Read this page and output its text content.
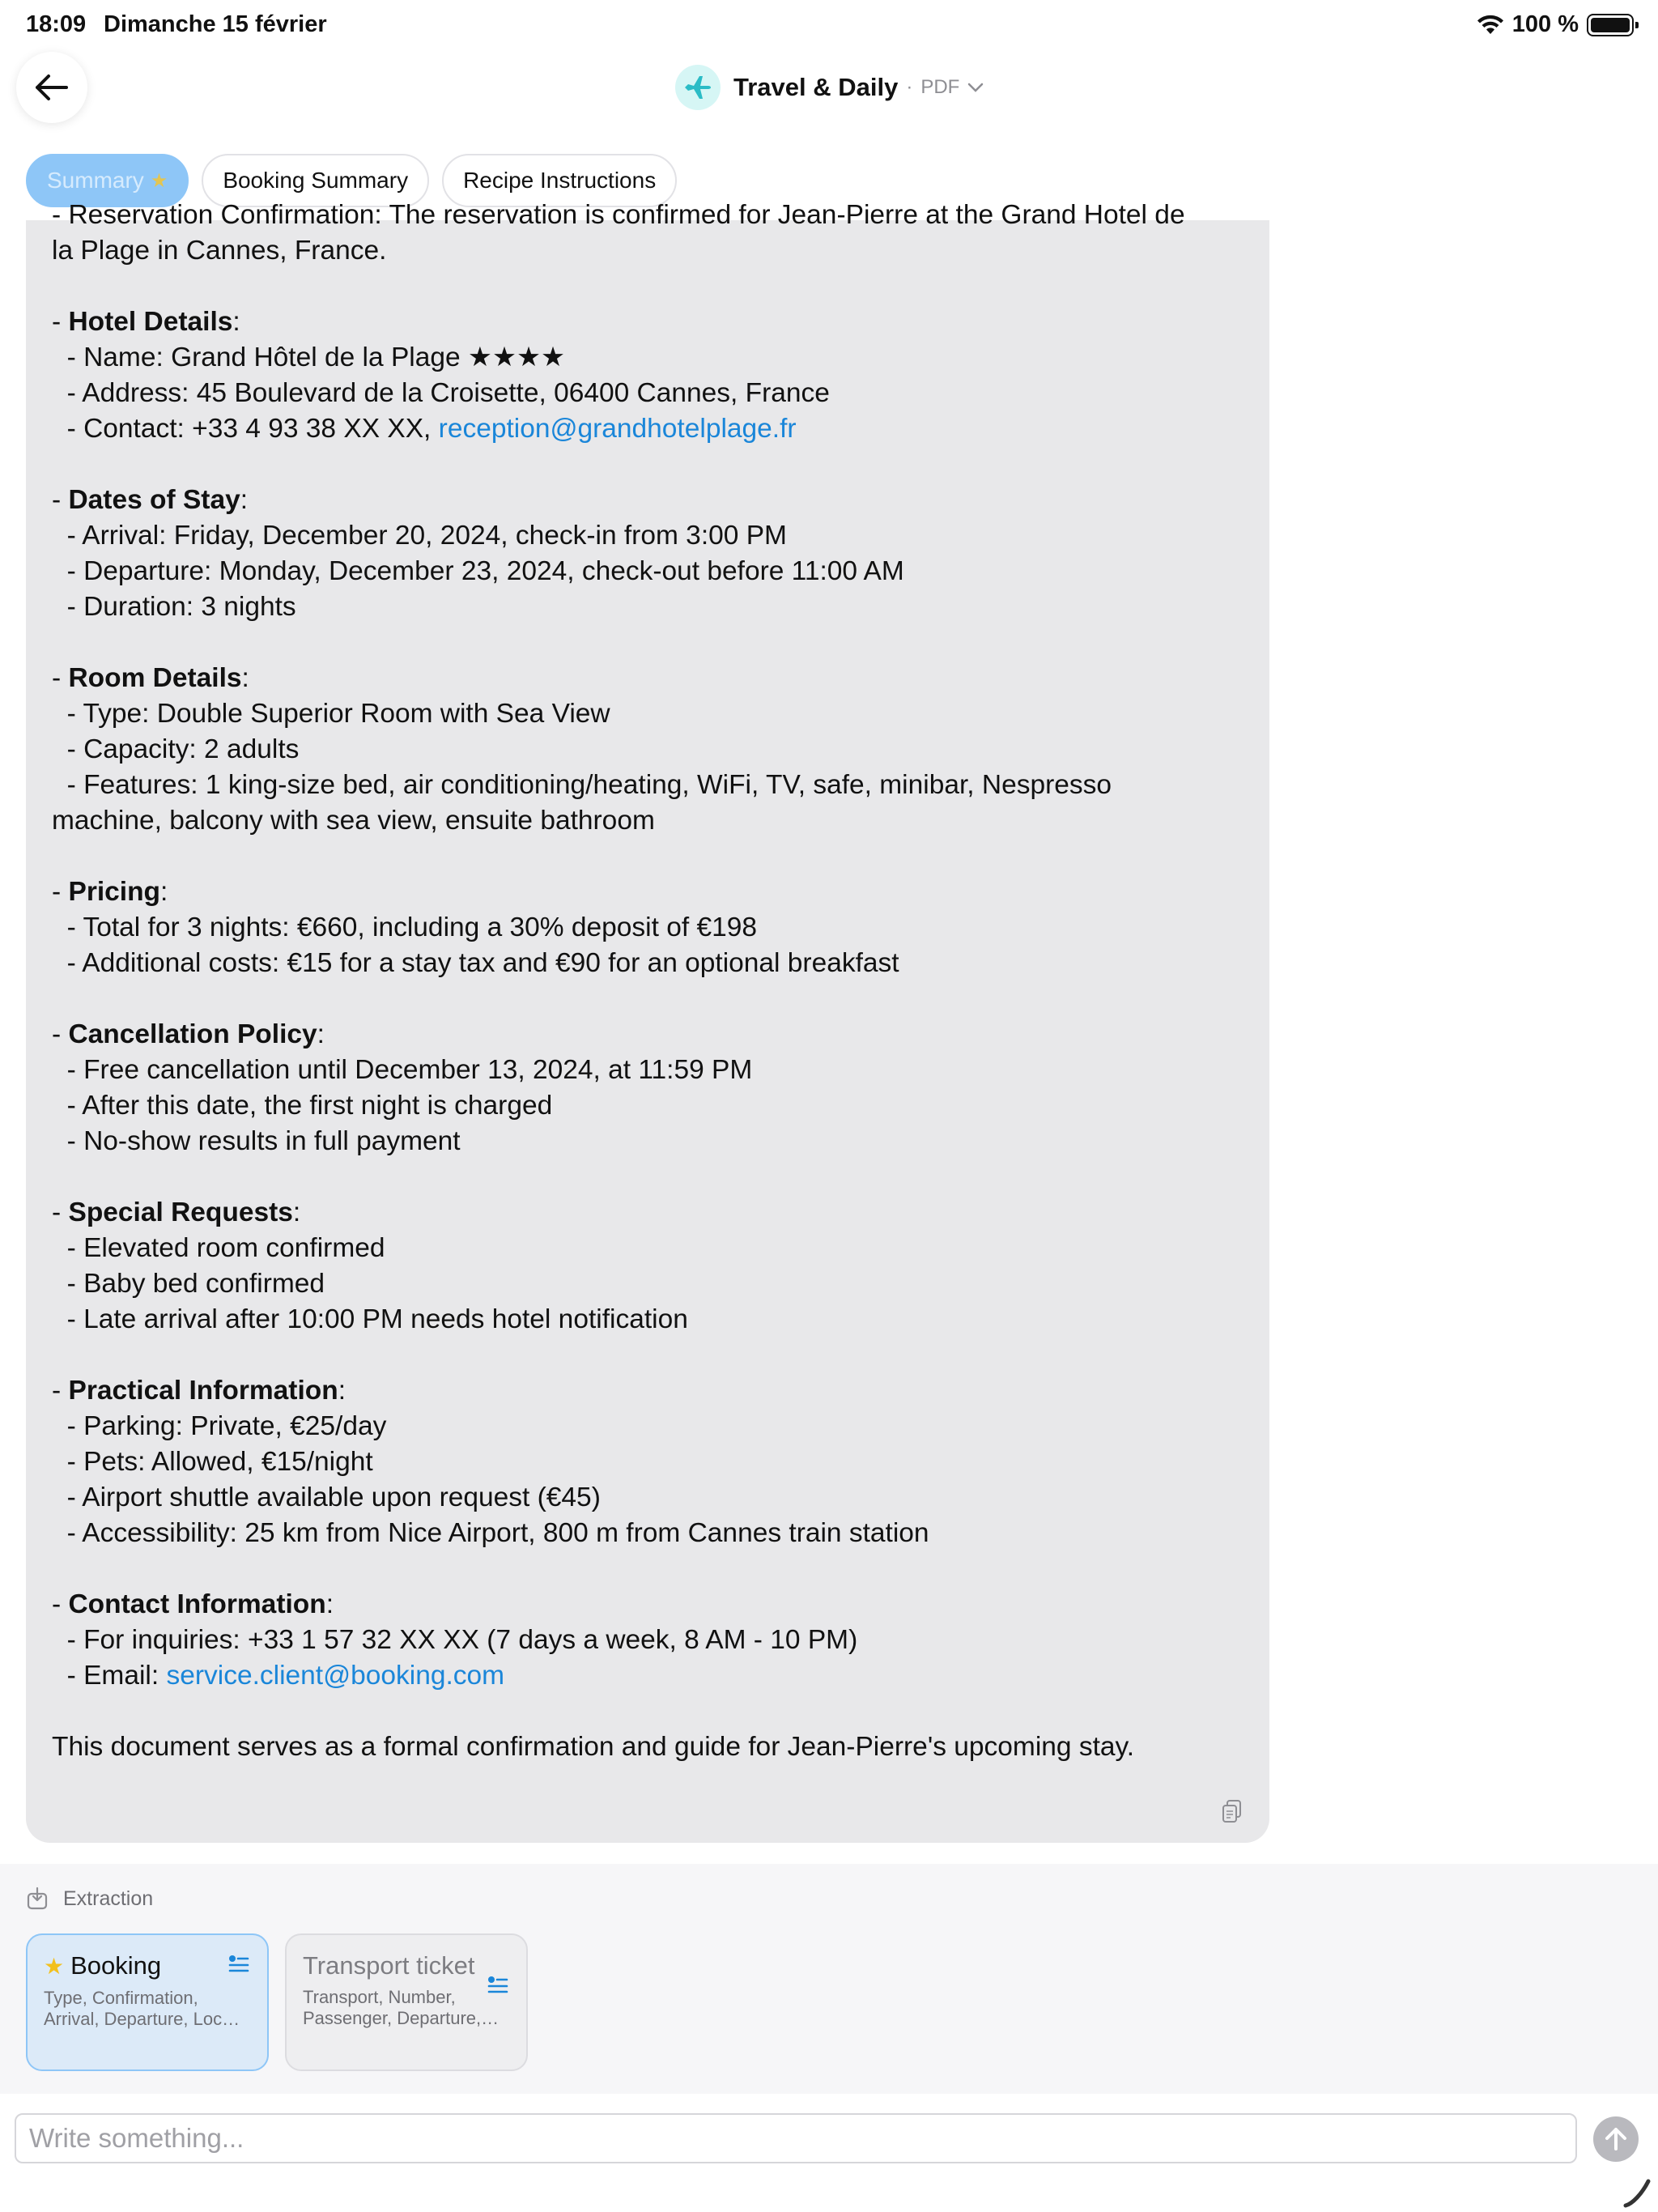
18:09 Dimanche 15 février	100 %
Travel & Daily · PDF
Summary ★ Booking Summary Recipe Instructions
- Reservation Confirmation: The reservation is confirmed for Jean-Pierre at the Grand Hotel de
la Plage in Cannes, France.

- Hotel Details:
- Name: Grand Hôtel de la Plage ★★★★
- Address: 45 Boulevard de la Croisette, 06400 Cannes, France
- Contact: +33 4 93 38 XX XX, reception@grandhotelplage.fr

- Dates of Stay:
- Arrival: Friday, December 20, 2024, check-in from 3:00 PM
- Departure: Monday, December 23, 2024, check-out before 11:00 AM
- Duration: 3 nights

- Room Details:
- Type: Double Superior Room with Sea View
- Capacity: 2 adults
- Features: 1 king-size bed, air conditioning/heating, WiFi, TV, safe, minibar, Nespresso
machine, balcony with sea view, ensuite bathroom

- Pricing:
- Total for 3 nights: €660, including a 30% deposit of €198
- Additional costs: €15 for a stay tax and €90 for an optional breakfast

- Cancellation Policy:
- Free cancellation until December 13, 2024, at 11:59 PM
- After this date, the first night is charged
- No-show results in full payment

- Special Requests:
- Elevated room confirmed
- Baby bed confirmed
- Late arrival after 10:00 PM needs hotel notification

- Practical Information:
- Parking: Private, €25/day
- Pets: Allowed, €15/night
- Airport shuttle available upon request (€45)
- Accessibility: 25 km from Nice Airport, 800 m from Cannes train station

- Contact Information:
- For inquiries: +33 1 57 32 XX XX (7 days a week, 8 AM - 10 PM)
- Email: service.client@booking.com

This document serves as a formal confirmation and guide for Jean-Pierre's upcoming stay.
Extraction
★ Booking
Type, Confirmation, Arrival, Departure, Loc…
Transport ticket
Transport, Number, Passenger, Departure,…
Write something...
